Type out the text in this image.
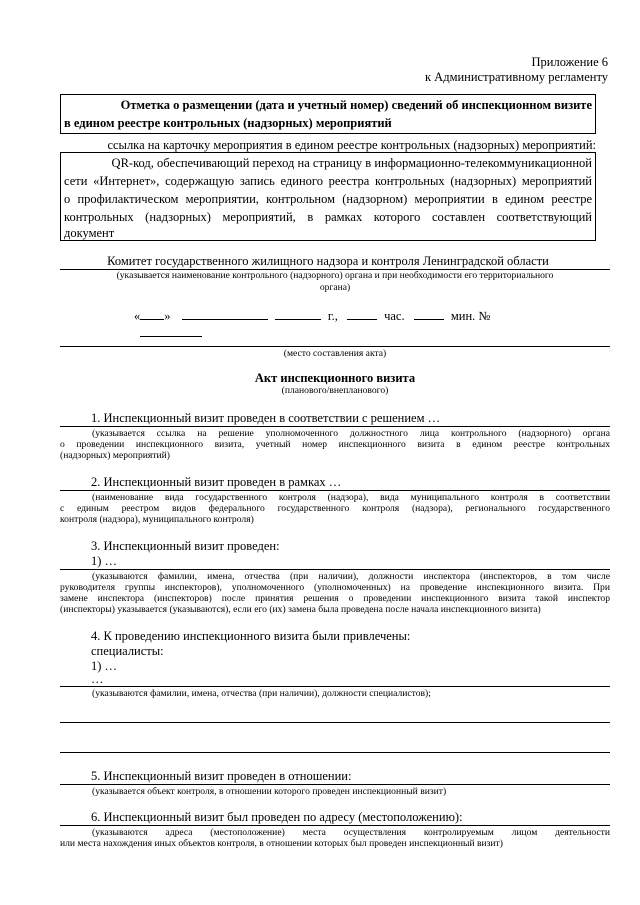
Приложение 6
к Административному регламенту
Отметка о размещении (дата и учетный номер) сведений об инспекционном визите
в едином реестре контрольных (надзорных) мероприятий
ссылка на карточку мероприятия в едином реестре контрольных (надзорных) мероприятий:
QR-код, обеспечивающий переход на страницу в информационно-телекоммуникационной
сети «Интернет», содержащую запись единого реестра контрольных (надзорных) мероприятий
о профилактическом мероприятии, контрольном (надзорном) мероприятии в едином реестре
контрольных (надзорных) мероприятий, в рамках которого составлен соответствующий
документ
Комитет государственного жилищного надзора и контроля Ленинградской области
(указывается наименование контрольного (надзорного) органа и при необходимости его территориального
органа)
« »	г.,	час.	мин. №
(место составления акта)
Акт инспекционного визита
(планового/внепланового)
1. Инспекционный визит проведен в соответствии с решением …
(указывается ссылка на решение уполномоченного должностного лица контрольного (надзорного) органа
о проведении инспекционного визита, учетный номер инспекционного визита в едином реестре контрольных
(надзорных) мероприятий)
2. Инспекционный визит проведен в рамках …
(наименование вида государственного контроля (надзора), вида муниципального контроля в соответствии
с единым реестром видов федерального государственного контроля (надзора), регионального государственного
контроля (надзора), муниципального контроля)
3. Инспекционный визит проведен:
1) …
(указываются фамилии, имена, отчества (при наличии), должности инспектора (инспекторов, в том числе
руководителя группы инспекторов), уполномоченного (уполномоченных) на проведение инспекционного визита. При
замене инспектора (инспекторов) после принятия решения о проведении инспекционного визита такой инспектор
(инспекторы) указывается (указываются), если его (их) замена была проведена после начала инспекционного визита)
4. К проведению инспекционного визита были привлечены:
специалисты:
1) …
…
(указываются фамилии, имена, отчества (при наличии), должности специалистов);
5. Инспекционный визит проведен в отношении:
(указывается объект контроля, в отношении которого проведен инспекционный визит)
6. Инспекционный визит был проведен по адресу (местоположению):
(указываются адреса (местоположение) места осуществления контролируемым лицом деятельности
или места нахождения иных объектов контроля, в отношении которых был проведен инспекционный визит)
